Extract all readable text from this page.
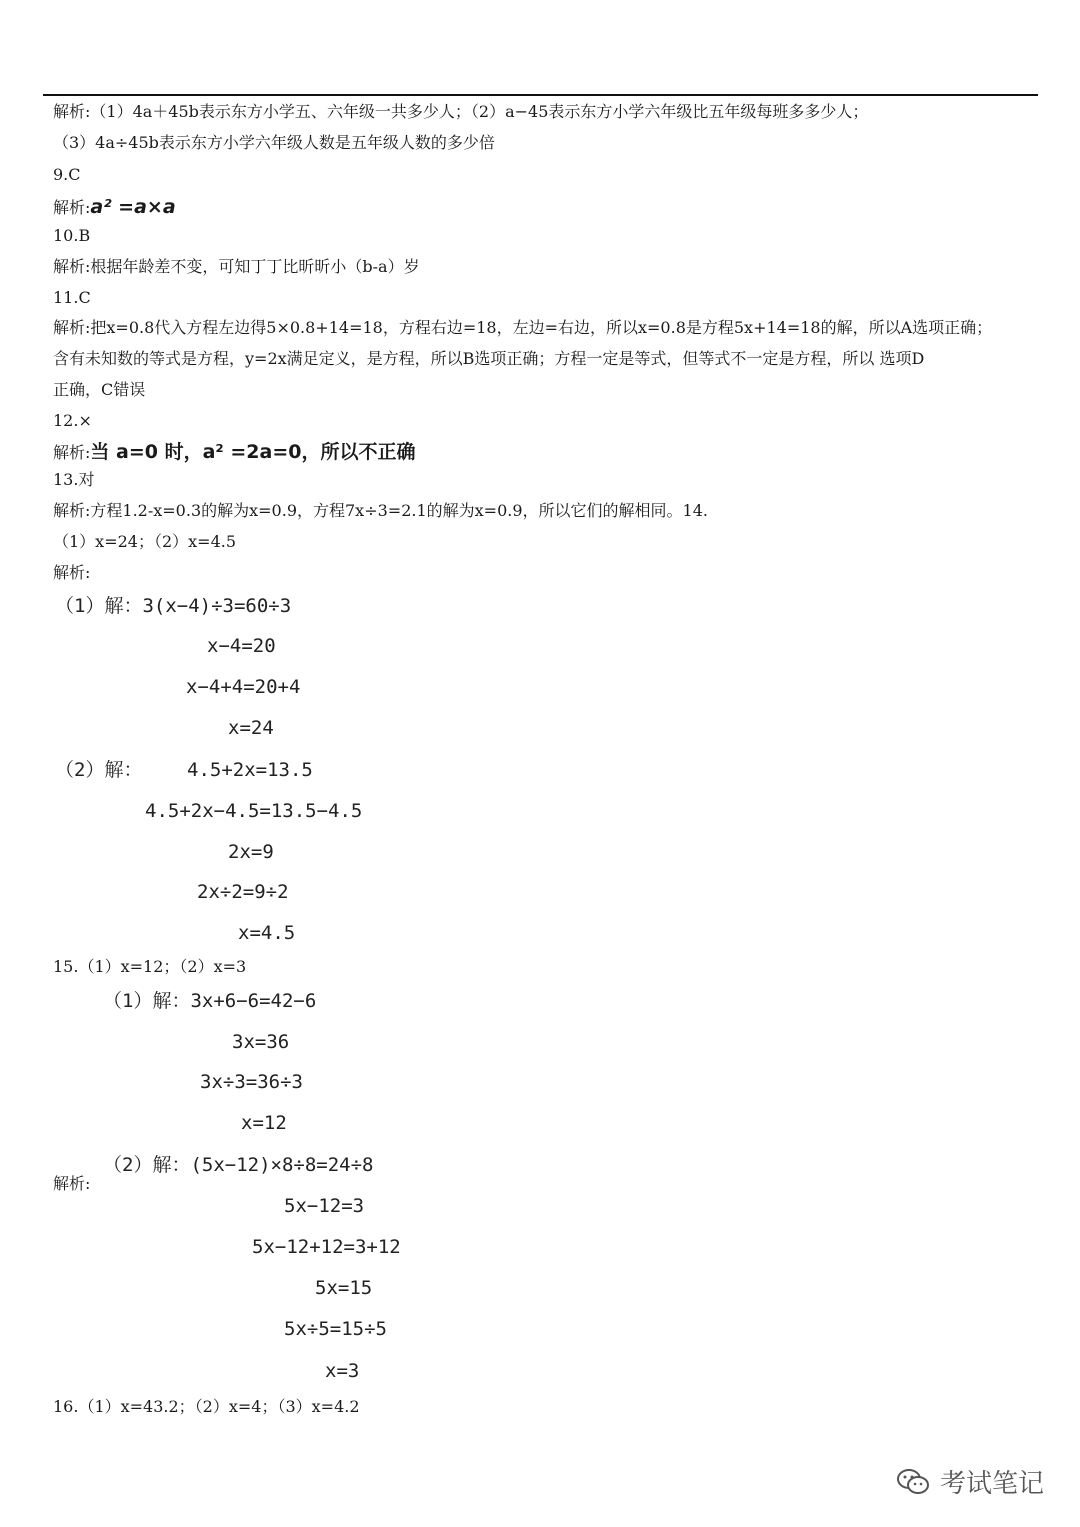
解析:（1）4a＋45b表示东方小学五、六年级一共多少人；（2）a−45表示东方小学六年级比五年级每班多多少人；
（3）4a÷45b表示东方小学六年级人数是五年级人数的多少倍
9.C
解析:a² =a×a
10.B
解析:根据年龄差不变，可知丁丁比昕昕小（b-a）岁
11.C
解析:把x=0.8代入方程左边得5×0.8+14=18，方程右边=18，左边=右边，所以x=0.8是方程5x+14=18的解，所以A选项正确；
含有未知数的等式是方程，y=2x满足定义，是方程，所以B选项正确；方程一定是等式，但等式不一定是方程，所以 选项D
正确，C错误
12.×
解析:当 a=0 时，a² =2a=0，所以不正确
13.对
解析:方程1.2-x=0.3的解为x=0.9，方程7x÷3=2.1的解为x=0.9，所以它们的解相同。14.
（1）x=24；（2）x=4.5
解析:
（1）解：3(x−4)÷3=60÷3
x−4=20
x−4+4=20+4
x=24
（2）解： 4.5+2x=13.5
4.5+2x−4.5=13.5−4.5
2x=9
2x÷2=9÷2
x=4.5
15.（1）x=12；（2）x=3
（1）解：3x+6−6=42−6
3x=36
3x÷3=36÷3
x=12
（2）解：(5x−12)×8÷8=24÷8
解析:
5x−12=3
5x−12+12=3+12
5x=15
5x÷5=15÷5
x=3
16.（1）x=43.2；（2）x=4；（3）x=4.2
考试笔记
